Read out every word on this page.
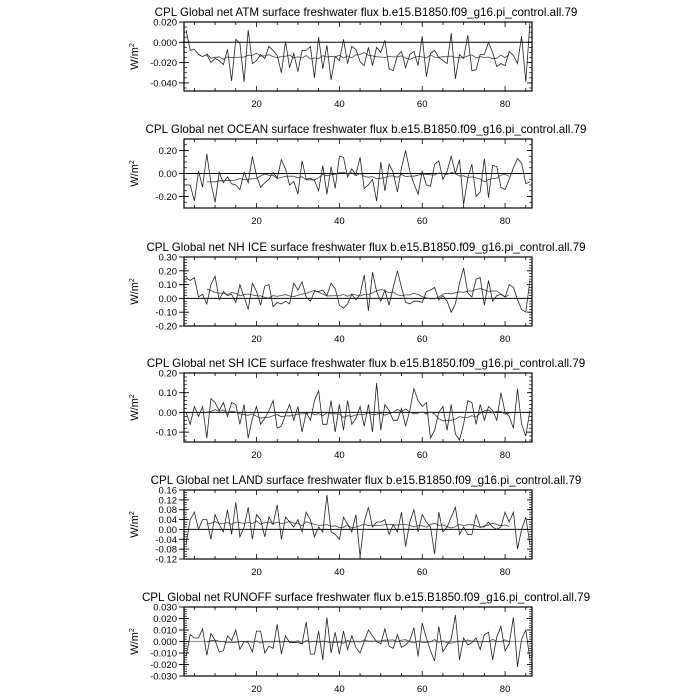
CPL Global net ATM surface freshwater flux b.e15.B1850.f09_g16.pi_control.all.79
$W/m^2$
20	40	60	80
0.020
0.000
-0.020
-0.040
CPL Global net OCEAN surface freshwater flux b.e15.B1850.f09_g16.pi_control.all.79
$W/m^2$
20	40	60	80
0.20
0.00
-0.20
CPL Global net NH ICE surface freshwater flux b.e15.B1850.f09_g16.pi_control.all.79
$W/m^2$
20	40	60	80
0.30
0.20
0.10
0.00
-0.10
-0.20
CPL Global net SH ICE surface freshwater flux b.e15.B1850.f09_g16.pi_control.all.79
$W/m^2$
20	40	60	80
0.20
0.10
0.00
-0.10
CPL Global net LAND surface freshwater flux b.e15.B1850.f09_g16.pi_control.all.79
$W/m^2$
20	40	60	80
0.16
0.12
0.08
0.04
0.00
-0.04
-0.08
-0.12
CPL Global net RUNOFF surface freshwater flux b.e15.B1850.f09_g16.pi_control.all.79
$W/m^2$
20	40	60	80
0.030
0.020
0.010
0.000
-0.010
-0.020
-0.030
